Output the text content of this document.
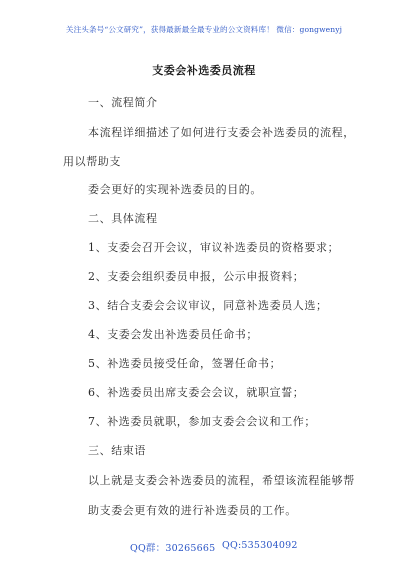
关注头条号“公文研究”，获得最新最全最专业的公文资料库！ 微信：gongwenyj
支委会补选委员流程
一、流程简介
本流程详细描述了如何进行支委会补选委员的流程，
用以帮助支
委会更好的实现补选委员的目的。
二、具体流程
1、支委会召开会议，审议补选委员的资格要求；
2、支委会组织委员申报，公示申报资料；
3、结合支委会会议审议，同意补选委员人选；
4、支委会发出补选委员任命书；
5、补选委员接受任命，签署任命书；
6、补选委员出席支委会会议，就职宣誓；
7、补选委员就职，参加支委会会议和工作；
三、结束语
以上就是支委会补选委员的流程，希望该流程能够帮
助支委会更有效的进行补选委员的工作。
QQ群：30265665 QQ:535304092
